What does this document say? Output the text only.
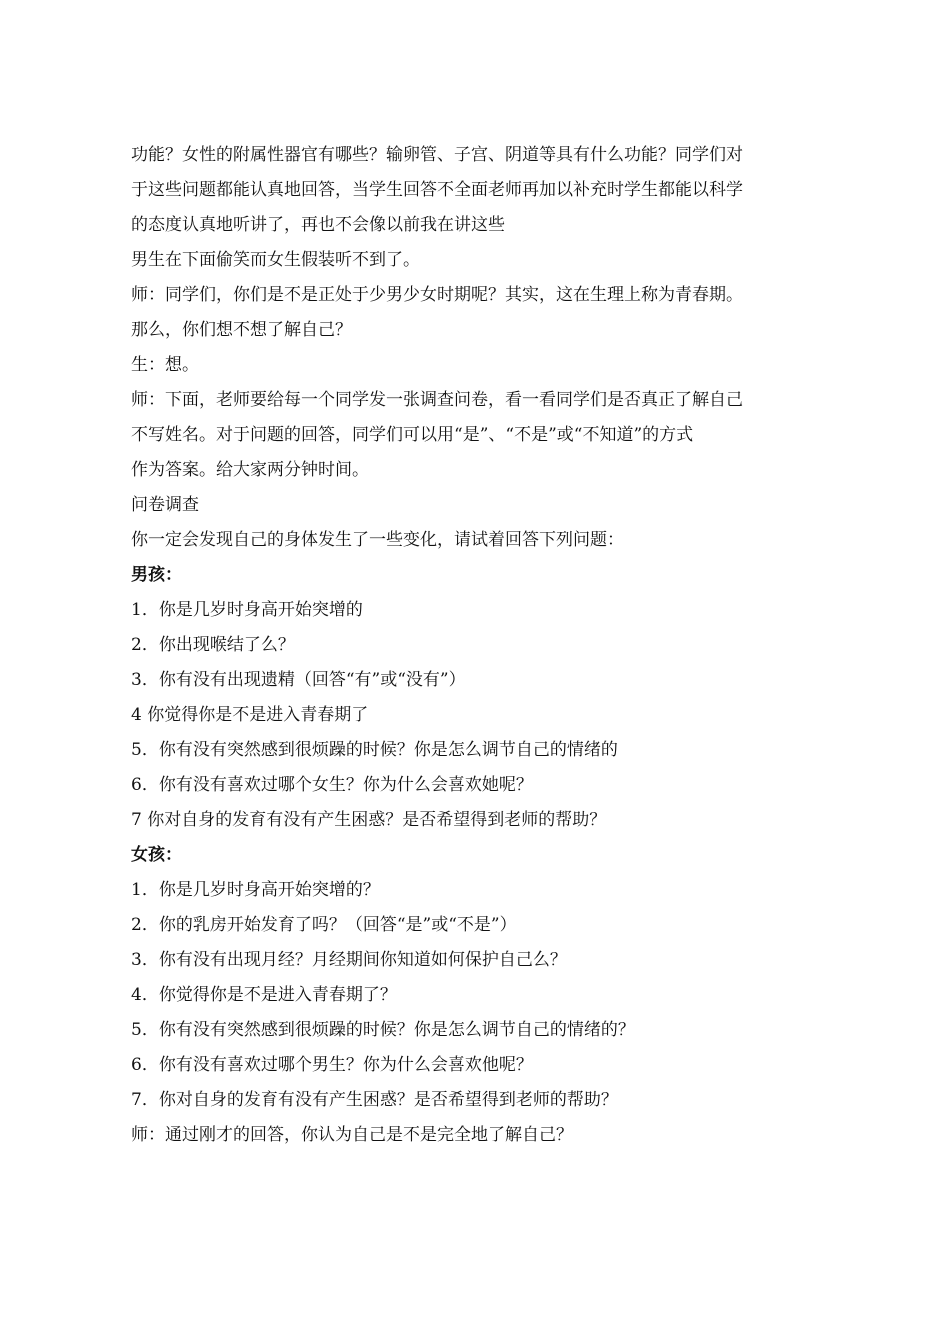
功能？女性的附属性器官有哪些？输卵管、子宫、阴道等具有什么功能？同学们对
于这些问题都能认真地回答，当学生回答不全面老师再加以补充时学生都能以科学
的态度认真地听讲了，再也不会像以前我在讲这些
男生在下面偷笑而女生假装听不到了。
师：同学们，你们是不是正处于少男少女时期呢？其实，这在生理上称为青春期。
那么，你们想不想了解自己？
生：想。
师：下面，老师要给每一个同学发一张调查问卷，看一看同学们是否真正了解自己
不写姓名。对于问题的回答，同学们可以用“是”、“不是”或“不知道”的方式
作为答案。给大家两分钟时间。
问卷调查
你一定会发现自己的身体发生了一些变化，请试着回答下列问题：
男孩：
1．你是几岁时身高开始突增的
2．你出现喉结了么？
3．你有没有出现遗精（回答“有”或“没有”）
4 你觉得你是不是进入青春期了
5．你有没有突然感到很烦躁的时候？你是怎么调节自己的情绪的
6．你有没有喜欢过哪个女生？你为什么会喜欢她呢？
7 你对自身的发育有没有产生困惑？是否希望得到老师的帮助？
女孩：
1．你是几岁时身高开始突增的？
2．你的乳房开始发育了吗？（回答“是”或“不是”）
3．你有没有出现月经？月经期间你知道如何保护自己么？
4．你觉得你是不是进入青春期了？
5．你有没有突然感到很烦躁的时候？你是怎么调节自己的情绪的？
6．你有没有喜欢过哪个男生？你为什么会喜欢他呢？
7．你对自身的发育有没有产生困惑？是否希望得到老师的帮助？
师：通过刚才的回答，你认为自己是不是完全地了解自己？
